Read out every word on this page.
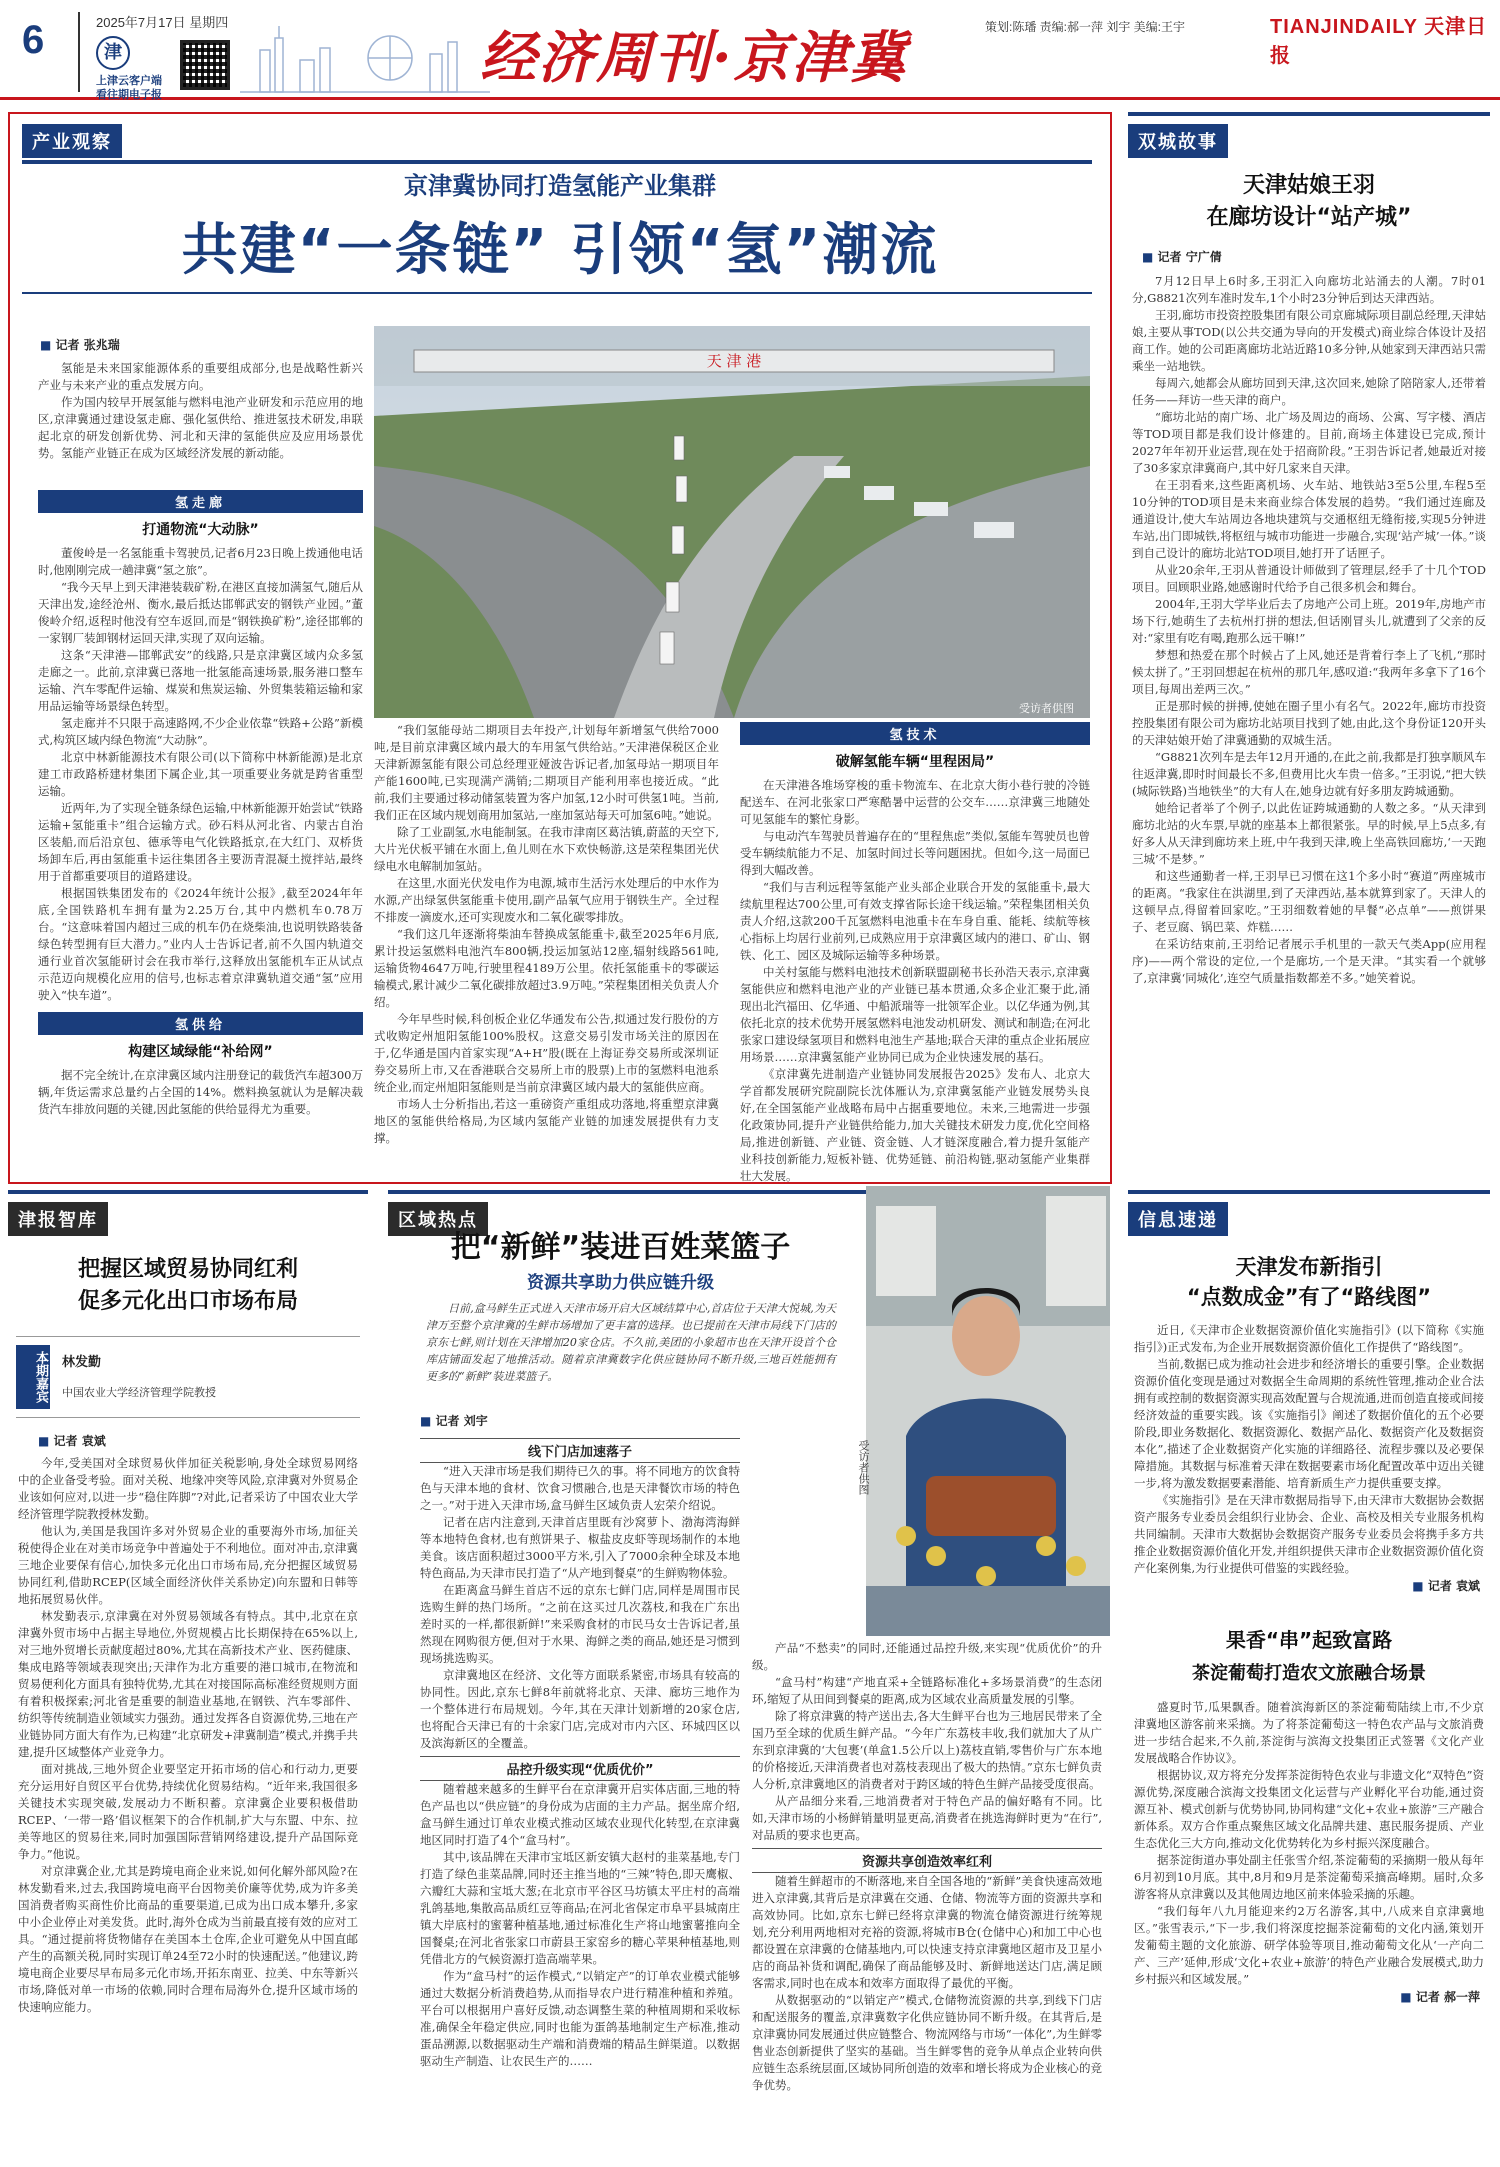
6	2025年7月17日 星期四
津
上津云客户端
看往期电子报
经济周刊·京津冀	策划:陈璠 责编:郝一萍 刘宇 美编:王宇	TIANJINDAILY 天津日报
产业观察
京津冀协同打造氢能产业集群
共建“一条链” 引领“氢”潮流
■ 记者 张兆瑞

氢能是未来国家能源体系的重要组成部分,也是战略性新兴产业与未来产业的重点发展方向。

作为国内较早开展氢能与燃料电池产业研发和示范应用的地区,京津冀通过建设氢走廊、强化氢供给、推进氢技术研发,串联起北京的研发创新优势、河北和天津的氢能供应及应用场景优势。氢能产业链正在成为区域经济发展的新动能。

天 津 港
受访者供图
氢走廊
打通物流“大动脉”

董俊岭是一名氢能重卡驾驶员,记者6月23日晚上拨通他电话时,他刚刚完成一趟津冀“氢之旅”。

“我今天早上到天津港装载矿粉,在港区直接加满氢气,随后从天津出发,途经沧州、衡水,最后抵达邯郸武安的钢铁产业园。”董俊岭介绍,返程时他没有空车返回,而是“钢铁换矿粉”,途径邯郸的一家钢厂装卸钢材运回天津,实现了双向运输。

这条“天津港—邯郸武安”的线路,只是京津冀区域内众多氢走廊之一。此前,京津冀已落地一批氢能高速场景,服务港口整车运输、汽车零配件运输、煤炭和焦炭运输、外贸集装箱运输和家用品运输等场景绿色转型。

氢走廊并不只限于高速路网,不少企业依靠“铁路+公路”新模式,构筑区域内绿色物流“大动脉”。

北京中林新能源技术有限公司(以下简称中林新能源)是北京建工市政路桥建材集团下属企业,其一项重要业务就是跨省重型运输。

近两年,为了实现全链条绿色运输,中林新能源开始尝试“铁路运输+氢能重卡”组合运输方式。砂石料从河北省、内蒙古自治区装船,而后沿京包、德承等电气化铁路抵京,在大红门、双桥货场卸车后,再由氢能重卡运往集团各主要沥青混凝土搅拌站,最终用于首都重要项目的道路建设。

根据国铁集团发布的《2024年统计公报》,截至2024年年底,全国铁路机车拥有量为2.25万台,其中内燃机车0.78万台。“这意味着国内超过三成的机车仍在烧柴油,也说明铁路装备绿色转型拥有巨大潜力。”业内人士告诉记者,前不久国内轨道交通行业首次氢能研讨会在我市举行,这释放出氢能机车正从试点示范迈向规模化应用的信号,也标志着京津冀轨道交通“氢”应用驶入“快车道”。

氢供给
构建区域绿能“补给网”

据不完全统计,在京津冀区域内注册登记的载货汽车超300万辆,年货运需求总量约占全国的14%。燃料换氢就认为是解决载货汽车排放问题的关键,因此氢能的供给显得尤为重要。

“我们氢能母站二期项目去年投产,计划每年新增氢气供给7000吨,是目前京津冀区域内最大的车用氢气供给站。”天津港保税区企业天津新源氢能有限公司总经理亚娅波告诉记者,加氢母站一期项目年产能1600吨,已实现满产满销;二期项目产能利用率也接近成。“此前,我们主要通过移动储氢装置为客户加氢,12小时可供氢1吨。当前,我们正在区域内规划商用加氢站,一座加氢站每天可加氢6吨。”她说。

除了工业副氢,水电能制氢。在我市津南区葛沽镇,蔚蓝的天空下,大片光伏板平铺在水面上,鱼儿则在水下欢快畅游,这是荣程集团光伏绿电水电解制加氢站。

在这里,水面光伏发电作为电源,城市生活污水处理后的中水作为水源,产出绿氢供氢能重卡使用,副产品氧气应用于钢铁生产。全过程不排废一滴废水,还可实现废水和二氧化碳零排放。

“我们这几年逐渐将柴油车替换成氢能重卡,截至2025年6月底,累计投运氢燃料电池汽车800辆,投运加氢站12座,辐射线路561吨,运输货物4647万吨,行驶里程4189万公里。依托氢能重卡的零碳运输模式,累计减少二氧化碳排放超过3.9万吨。”荣程集团相关负责人介绍。

今年早些时候,科创板企业亿华通发布公告,拟通过发行股份的方式收购定州旭阳氢能100%股权。这意交易引发市场关注的原因在于,亿华通是国内首家实现“A+H”股(既在上海证券交易所或深圳证券交易所上市,又在香港联合交易所上市的股票)上市的氢燃料电池系统企业,而定州旭阳氢能则是当前京津冀区域内最大的氢能供应商。

市场人士分析指出,若这一重磅资产重组成功落地,将重塑京津冀地区的氢能供给格局,为区域内氢能产业链的加速发展提供有力支撑。

氢技术
破解氢能车辆“里程困局”

在天津港各堆场穿梭的重卡物流车、在北京大街小巷行驶的冷链配送车、在河北张家口严寒酷暑中运营的公交车……京津冀三地随处可见氢能车的繁忙身影。

与电动汽车驾驶员普遍存在的“里程焦虑”类似,氢能车驾驶员也曾受车辆续航能力不足、加氢时间过长等问题困扰。但如今,这一局面已得到大幅改善。

“我们与吉利远程等氢能产业头部企业联合开发的氢能重卡,最大续航里程达700公里,可有效支撑省际长途干线运输。”荣程集团相关负责人介绍,这款200千瓦氢燃料电池重卡在车身自重、能耗、续航等核心指标上均居行业前列,已成熟应用于京津冀区域内的港口、矿山、钢铁、化工、园区及城际运输等多种场景。

中关村氢能与燃料电池技术创新联盟副秘书长孙浩天表示,京津冀氢能供应和燃料电池产业的产业链已基本贯通,众多企业汇聚于此,涌现出北汽福田、亿华通、中船派瑞等一批领军企业。以亿华通为例,其依托北京的技术优势开展氢燃料电池发动机研发、测试和制造;在河北张家口建设绿氢项目和燃料电池生产基地;联合天津的重点企业拓展应用场景……京津冀氢能产业协同已成为企业快速发展的基石。

《京津冀先进制造产业链协同发展报告2025》发布人、北京大学首都发展研究院副院长沈体雁认为,京津冀氢能产业链发展势头良好,在全国氢能产业战略布局中占据重要地位。未来,三地需进一步强化政策协同,提升产业链供给能力,加大关键技术研发力度,优化空间格局,推进创新链、产业链、资金链、人才链深度融合,着力提升氢能产业科技创新能力,短板补链、优势延链、前沿构链,驱动氢能产业集群壮大发展。

双城故事
天津姑娘王羽
在廊坊设计“站产城”
■ 记者 宁广倩

7月12日早上6时多,王羽汇入向廊坊北站涌去的人潮。7时01分,G8821次列车准时发车,1个小时23分钟后到达天津西站。

王羽,廊坊市投资控股集团有限公司京廊城际项目副总经理,天津姑娘,主要从事TOD(以公共交通为导向的开发模式)商业综合体设计及招商工作。她的公司距离廊坊北站近路10多分钟,从她家到天津西站只需乘坐一站地铁。

每周六,她都会从廊坊回到天津,这次回来,她除了陪陪家人,还带着任务——拜访一些天津的商户。

“廊坊北站的南广场、北广场及周边的商场、公寓、写字楼、酒店等TOD项目都是我们设计修建的。目前,商场主体建设已完成,预计2027年年初开业运营,现在处于招商阶段。”王羽告诉记者,她最近对接了30多家京津冀商户,其中好几家来自天津。

在王羽看来,这些距离机场、火车站、地铁站3至5公里,车程5至10分钟的TOD项目是未来商业综合体发展的趋势。“我们通过连廊及通道设计,使大车站周边各地块建筑与交通枢纽无缝衔接,实现5分钟进车站,出门即城铁,将枢纽与城市功能进一步融合,实现‘站产城’一体。”谈到自己设计的廊坊北站TOD项目,她打开了话匣子。

从业20余年,王羽从普通设计师做到了管理层,经手了十几个TOD项目。回顾职业路,她感谢时代给予自己很多机会和舞台。

2004年,王羽大学毕业后去了房地产公司上班。2019年,房地产市场下行,她萌生了去杭州打拼的想法,但话刚冒头儿,就遭到了父亲的反对:“家里有吃有喝,跑那么远干嘛!”

梦想和热爱在那个时候占了上风,她还是背着行李上了飞机,“那时候太拼了。”王羽回想起在杭州的那几年,感叹道:“我两年多拿下了16个项目,每周出差两三次。”

正是那时候的拼搏,使她在圈子里小有名气。2022年,廊坊市投资控股集团有限公司为廊坊北站项目找到了她,由此,这个身份证120开头的天津姑娘开始了津冀通勤的双城生活。

“G8821次列车是去年12月开通的,在此之前,我都是打独享顺风车往返津冀,即时时间最长不多,但费用比火车贵一倍多。”王羽说,“把大铁(城际铁路)当地铁坐”的大有人在,她身边就有好多朋友跨城通勤。

她给记者举了个例子,以此佐证跨城通勤的人数之多。“从天津到廊坊北站的火车票,早就的座基本上都很紧张。早的时候,早上5点多,有好多人从天津到廊坊来上班,中午我到天津,晚上坐高铁回廊坊,‘一天跑三城’不是梦。”

和这些通勤者一样,王羽早已习惯在这1个多小时“赛道”两座城市的距离。“我家住在洪湖里,到了天津西站,基本就算到家了。天津人的这顿早点,得留着回家吃。”王羽细数着她的早餐“必点单”——煎饼果子、老豆腐、锅巴菜、炸糕……

在采访结束前,王羽给记者展示手机里的一款天气类App(应用程序)——两个常设的定位,一个是廊坊,一个是天津。“其实看一个就够了,京津冀‘同城化’,连空气质量指数都差不多。”她笑着说。

津报智库
把握区域贸易协同红利
促多元化出口市场布局
本期嘉宾 林发勤
中国农业大学经济管理学院教授
■ 记者 袁斌

今年,受美国对全球贸易伙伴加征关税影响,身处全球贸易网络中的企业备受考验。面对关税、地缘冲突等风险,京津冀对外贸易企业该如何应对,以进一步“稳住阵脚”?对此,记者采访了中国农业大学经济管理学院教授林发勤。

他认为,美国是我国许多对外贸易企业的重要海外市场,加征关税使得企业在对美市场竞争中普遍处于不利地位。面对冲击,京津冀三地企业要保有信心,加快多元化出口市场布局,充分把握区域贸易协同红利,借助RCEP(区域全面经济伙伴关系协定)向东盟和日韩等地拓展贸易伙伴。

林发勤表示,京津冀在对外贸易领域各有特点。其中,北京在京津冀外贸市场中占据主导地位,外贸规模占比长期保持在65%以上,对三地外贸增长贡献度超过80%,尤其在高新技术产业、医药健康、集成电路等领域表现突出;天津作为北方重要的港口城市,在物流和贸易便利化方面具有独特优势,尤其在对接国际高标准经贸规则方面有着积极探索;河北省是重要的制造业基地,在钢铁、汽车零部件、纺织等传统制造业领域实力强劲。通过发挥各自资源优势,三地在产业链协同方面大有作为,已构建“北京研发+津冀制造”模式,并携手共建,提升区域整体产业竞争力。

面对挑战,三地外贸企业要坚定开拓市场的信心和行动力,更要充分运用好自贸区平台优势,持续优化贸易结构。“近年来,我国很多关键技术实现突破,发展动力不断积蓄。京津冀企业要积极借助RCEP、‘一带一路’倡议框架下的合作机制,扩大与东盟、中东、拉美等地区的贸易往来,同时加强国际营销网络建设,提升产品国际竞争力。”他说。

对京津冀企业,尤其是跨境电商企业来说,如何化解外部风险?在林发勤看来,过去,我国跨境电商平台因物美价廉等优势,成为许多美国消费者购买商性价比商品的重要渠道,已成为出口成本攀升,多家中小企业停止对美发货。此时,海外仓成为当前最直接有效的应对工具。“通过提前将货物储存在美国本土仓库,企业可避免从中国直邮产生的高额关税,同时实现订单24至72小时的快速配送。”他建议,跨境电商企业要尽早布局多元化市场,开拓东南亚、拉美、中东等新兴市场,降低对单一市场的依赖,同时合理布局海外仓,提升区域市场的快速响应能力。

区域热点
把“新鲜”装进百姓菜篮子
资源共享助力供应链升级

日前,盒马鲜生正式进入天津市场开启大区域结算中心,首店位于天津大悦城,为天津万至整个京津冀的生鲜市场增加了更丰富的选择。也已提前在天津市局线下门店的京东七鲜,则计划在天津增加20家仓店。不久前,美团的小象超市也在天津开设首个仓库店铺面发起了地推活动。随着京津冀数字化供应链协同不断升级,三地百姓能拥有更多的“新鲜”装进菜篮子。

■ 记者 刘宇
受访者供图
线下门店加速落子

“进入天津市场是我们期待已久的事。将不同地方的饮食特色与天津本地的食材、饮食习惯融合,也是天津餐饮市场的特色之一。”对于进入天津市场,盒马鲜生区域负责人宏荣介绍说。

记者在店内注意到,天津首店里既有沙窝萝卜、渤海湾海鲜等本地特色食材,也有煎饼果子、椒盐皮皮虾等现场制作的本地美食。该店面积超过3000平方米,引入了7000余种全球及本地特色商品,为天津市民打造了“从产地到餐桌”的生鲜购物体验。

在距离盒马鲜生首店不远的京东七鲜门店,同样是周围市民选购生鲜的热门场所。“之前在这买过几次荔枝,和我在广东出差时买的一样,都很新鲜!”来采购食材的市民马女士告诉记者,虽然现在网购很方便,但对于水果、海鲜之类的商品,她还是习惯到现场挑选购买。

京津冀地区在经济、文化等方面联系紧密,市场具有较高的协同性。因此,京东七鲜8年前就将北京、天津、廊坊三地作为一个整体进行布局规划。今年,其在天津计划新增的20家仓店,也将配合天津已有的十余家门店,完成对市内六区、环城四区以及滨海新区的全覆盖。

品控升级实现“优质优价”

随着越来越多的生鲜平台在京津冀开启实体店面,三地的特色产品也以“供应链”的身份成为店面的主力产品。据坐席介绍,盒马鲜生通过订单农业模式推动区域农业现代化转型,在京津冀地区同时打造了4个“盒马村”。

其中,该品牌在天津市宝坻区新安镇大赵村的韭菜基地,专门打造了绿色韭菜品牌,同时还主推当地的“三辣”特色,即天鹰椒、六瓣红大蒜和宝坻大葱;在北京市平谷区马坊镇太平庄村的高端乳鸽基地,集散高品质红豆等商品;在河北省保定市阜平县城南庄镇大岸底村的蜜薯种植基地,通过标准化生产将山地蜜薯推向全国餐桌;在河北省张家口市蔚县王家窑乡的糖心苹果种植基地,则凭借北方的气候资源打造高端苹果。

作为“盒马村”的运作模式,“以销定产”的订单农业模式能够通过大数据分析消费趋势,从而指导农户进行精准种植和养殖。平台可以根据用户喜好反馈,动态调整生菜的种植周期和采收标准,确保全年稳定供应,同时也能为蛋鸽基地制定生产标准,推动蛋品溯源,以数据驱动生产端和消费端的精品生鲜渠道。以数据驱动生产制造、让农民生产的……

产品“不愁卖”的同时,还能通过品控升级,来实现“优质优价”的升级。

“盒马村”构建“产地直采+全链路标准化+多场景消费”的生态闭环,缩短了从田间到餐桌的距离,成为区域农业高质量发展的引擎。

除了将京津冀的特产送出去,各大生鲜平台也为三地居民带来了全国乃至全球的优质生鲜产品。“今年广东荔枝丰收,我们就加大了从广东到京津冀的‘大包裹’(单盒1.5公斤以上)荔枝直销,零售价与广东本地的价格接近,天津消费者也对荔枝表现出了极大的热情。”京东七鲜负责人分析,京津冀地区的消费者对于跨区域的特色生鲜产品接受度很高。

从产品细分来看,三地消费者对于特色产品的偏好略有不同。比如,天津市场的小杨鲜销量明显更高,消费者在挑选海鲜时更为“在行”,对品质的要求也更高。

资源共享创造效率红利

随着生鲜超市的不断落地,来自全国各地的“新鲜”美食快速高效地进入京津冀,其背后是京津冀在交通、仓储、物流等方面的资源共享和高效协同。比如,京东七鲜已经将京津冀的物流仓储资源进行统筹规划,充分利用两地相对充裕的资源,将城市B仓(仓储中心)和加工中心也都设置在京津冀的仓储基地内,可以快速支持京津冀地区超市及卫星小店的商品补货和调配,确保了商品能够及时、新鲜地送达门店,满足顾客需求,同时也在成本和效率方面取得了最优的平衡。

从数据驱动的“以销定产”模式,仓储物流资源的共享,到线下门店和配送服务的覆盖,京津冀数字化供应链协同不断升级。在其背后,是京津冀协同发展通过供应链整合、物流网络与市场“一体化”,为生鲜零售业态创新提供了坚实的基础。当生鲜零售的竞争从单点企业转向供应链生态系统层面,区域协同所创造的效率和增长将成为企业核心的竞争优势。

信息速递
天津发布新指引
“点数成金”有了“路线图”

近日,《天津市企业数据资源价值化实施指引》(以下简称《实施指引》)正式发布,为企业开展数据资源价值化工作提供了“路线图”。

当前,数据已成为推动社会进步和经济增长的重要引擎。企业数据资源价值化变现是通过对数据全生命周期的系统性管理,推动企业合法拥有或控制的数据资源实现高效配置与合规流通,进而创造直接或间接经济效益的重要实践。该《实施指引》阐述了数据价值化的五个必要阶段,即业务数据化、数据资源化、数据产品化、数据资产化及数据资本化”,描述了企业数据资产化实施的详细路径、流程步骤以及必要保障措施。其数据与标准着天津在数据要素市场化配置改革中迈出关键一步,将为激发数据要素潜能、培育新质生产力提供重要支撑。

《实施指引》是在天津市数据局指导下,由天津市大数据协会数据资产服务专业委员会组织行业协会、企业、高校及相关专业服务机构共同编制。天津市大数据协会数据资产服务专业委员会将携手多方共推企业数据资源价值化开发,并组织提供天津市企业数据资源价值化资产化案例集,为行业提供可借鉴的实践经验。

■ 记者 袁斌
果香“串”起致富路
茶淀葡萄打造农文旅融合场景

盛夏时节,瓜果飘香。随着滨海新区的茶淀葡萄陆续上市,不少京津冀地区游客前来采摘。为了将茶淀葡萄这一特色农产品与文旅消费进一步结合起来,不久前,茶淀街与滨海文投集团正式签署《文化产业发展战略合作协议》。

根据协议,双方将充分发挥茶淀街特色农业与非遗文化“双特色”资源优势,深度融合滨海文投集团文化运营与产业孵化平台功能,通过资源互补、模式创新与优势协同,协同构建“文化+农业+旅游”三产融合新体系。双方合作重点聚焦区域文化品牌共建、惠民服务提质、产业生态优化三大方向,推动文化优势转化为乡村振兴深度融合。

据茶淀街道办事处副主任张雪介绍,茶淀葡萄的采摘期一般从每年6月初到10月底。其中,8月和9月是茶淀葡萄采摘高峰期。届时,众多游客将从京津冀以及其他周边地区前来体验采摘的乐趣。

“我们每年八九月能迎来约2万名游客,其中,八成来自京津冀地区。”张雪表示,“下一步,我们将深度挖掘茶淀葡萄的文化内涵,策划开发葡萄主题的文化旅游、研学体验等项目,推动葡萄文化从‘一产向二产、三产’延伸,形成‘文化+农业+旅游’的特色产业融合发展模式,助力乡村振兴和区域发展。”

■ 记者 郝一萍
